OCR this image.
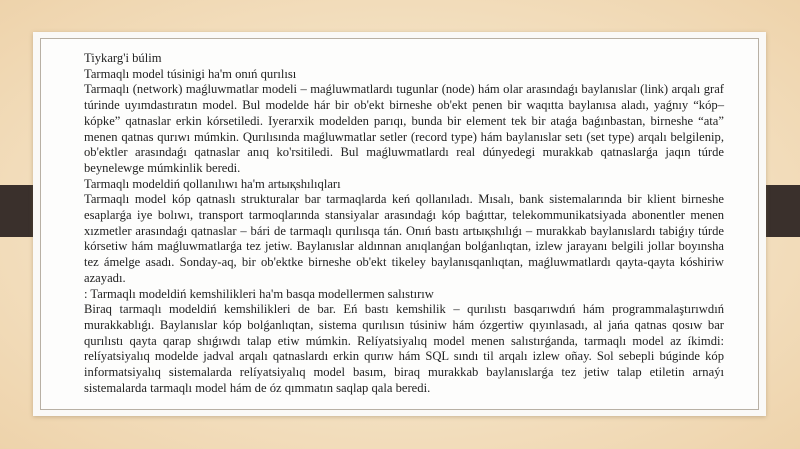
Tiykarg'i búlim

Tarmaqlı model túsinigi ha'm onıń qurılısı

Tarmaqlı (network) maǵluwmatlar modeli – maǵluwmatlardı tugunlar (node) hám olar arasındaǵı baylanıslar (link) arqalı graf túrinde uyımdastıratın model. Bul modelde hár bir ob'ekt birneshe ob'ekt penen bir waqıtta baylanısa aladı, yaǵnıy “kóp–kópke” qatnaslar erkin kórsetiledi. Iyerarxik modelden parıqı, bunda bir element tek bir ataǵa baǵınbastan, birneshe “ata” menen qatnas qurıwı múmkin. Qurılısında maǵluwmatlar setler (record type) hám baylanıslar setı (set type) arqalı belgilenip, ob'ektler arasındaǵı qatnaslar anıq ko'rsitiledi. Bul maǵluwmatlardı real dúnyedegi murakkab qatnaslarǵa jaqın túrde beynelewge múmkinlik beredi.

Tarmaqlı modeldiń qollanılıwı ha'm artықshılıqları

Tarmaqlı model kóp qatnaslı strukturalar bar tarmaqlarda keń qollanıladı. Mısalı, bank sistemalarında bir klient birneshe esaplarǵa iye bolıwı, transport tarmoqlarında stansiyalar arasındaǵı kóp baǵıttar, telekommunikatsiyada abonentler menen xızmetler arasındaǵı qatnaslar – bári de tarmaqlı qurılısqa tán. Onıń bastı artықshılıǵı – murakkab baylanıslardı tabiǵıy túrde kórsetiw hám maǵluwmatlarǵa tez jetiw. Baylanıslar aldınnan anıqlanǵan bolǵanlıqtan, izlew jarayanı belgili jollar boyınsha tez ámelge asadı. Sonday-aq, bir ob'ektke birneshe ob'ekt tikeley baylanısqanlıqtan, maǵluwmatlardı qayta-qayta kóshiriw azayadı.

: Tarmaqlı modeldiń kemshilikleri ha'm basqa modellermen salıstırıw

Biraq tarmaqlı modeldiń kemshilikleri de bar. Eń bastı kemshilik – qurılıstı basqarıwdıń hám programmalaştırıwdıń murakkablıǵı. Baylanıslar kóp bolǵanlıqtan, sistema qurılısın túsiniw hám ózgertiw qıyınlasadı, al jańa qatnas qosıw bar qurılıstı qayta qarap shıǵıwdı talap etiw múmkin. Relíyatsiyalıq model menen salıstırǵanda, tarmaqlı model az íkimdi: relíyatsiyalıq modelde jadval arqalı qatnaslardı erkin qurıw hám SQL sındı til arqalı izlew oñay. Sol sebepli búginde kóp informatsiyalıq sistemalarda relíyatsiyalıq model basım, biraq murakkab baylanıslarǵa tez jetiw talap etiletin arnaýı sistemalarda tarmaqlı model hám de óz qımmatın saqlap qala beredi.
